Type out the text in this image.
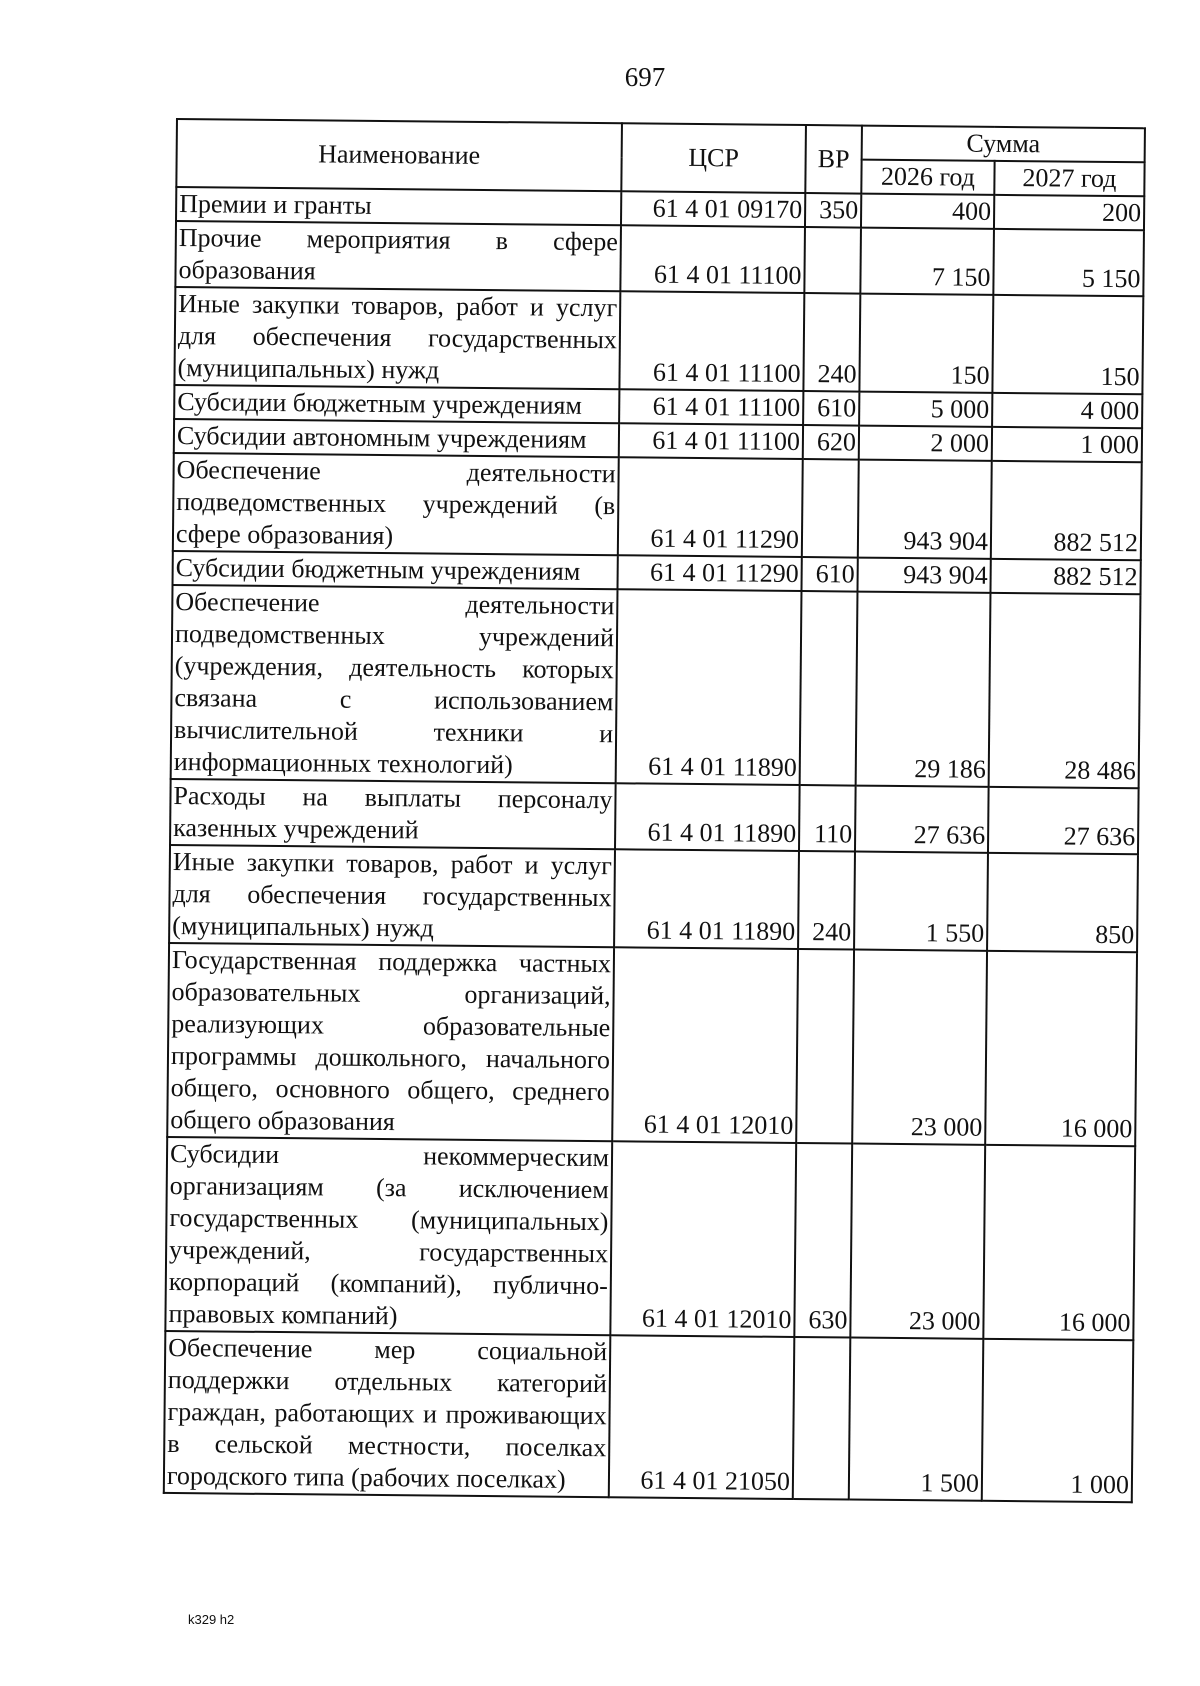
697
Наименование	ЦСР	ВР	Сумма	
			2026 год	2027 год
Премии и гранты	61 4 01 09170	350	400	200
Прочие мероприятия в сфере образования	61 4 01 11100		7 150	5 150
Иные закупки товаров, работ и услуг для обеспечения государственных (муниципальных) нужд	61 4 01 11100	240	150	150
Субсидии бюджетным учреждениям	61 4 01 11100	610	5 000	4 000
Субсидии автономным учреждениям	61 4 01 11100	620	2 000	1 000
Обеспечение деятельности подведомственных учреждений (в сфере образования)	61 4 01 11290		943 904	882 512
Субсидии бюджетным учреждениям	61 4 01 11290	610	943 904	882 512
Обеспечение деятельности подведомственных учреждений (учреждения, деятельность которых связана с использованием вычислительной техники и информационных технологий)	61 4 01 11890		29 186	28 486
Расходы на выплаты персоналу казенных учреждений	61 4 01 11890	110	27 636	27 636
Иные закупки товаров, работ и услуг для обеспечения государственных (муниципальных) нужд	61 4 01 11890	240	1 550	850
Государственная поддержка частных образовательных организаций, реализующих образовательные программы дошкольного, начального общего, основного общего, среднего общего образования	61 4 01 12010		23 000	16 000
Субсидии некоммерческим организациям (за исключением государственных (муниципальных) учреждений, государственных корпораций (компаний), публично-правовых компаний)	61 4 01 12010	630	23 000	16 000
Обеспечение мер социальной поддержки отдельных категорий граждан, работающих и проживающих в сельской местности, поселках городского типа (рабочих поселках)	61 4 01 21050		1 500	1 000
k329 h2
